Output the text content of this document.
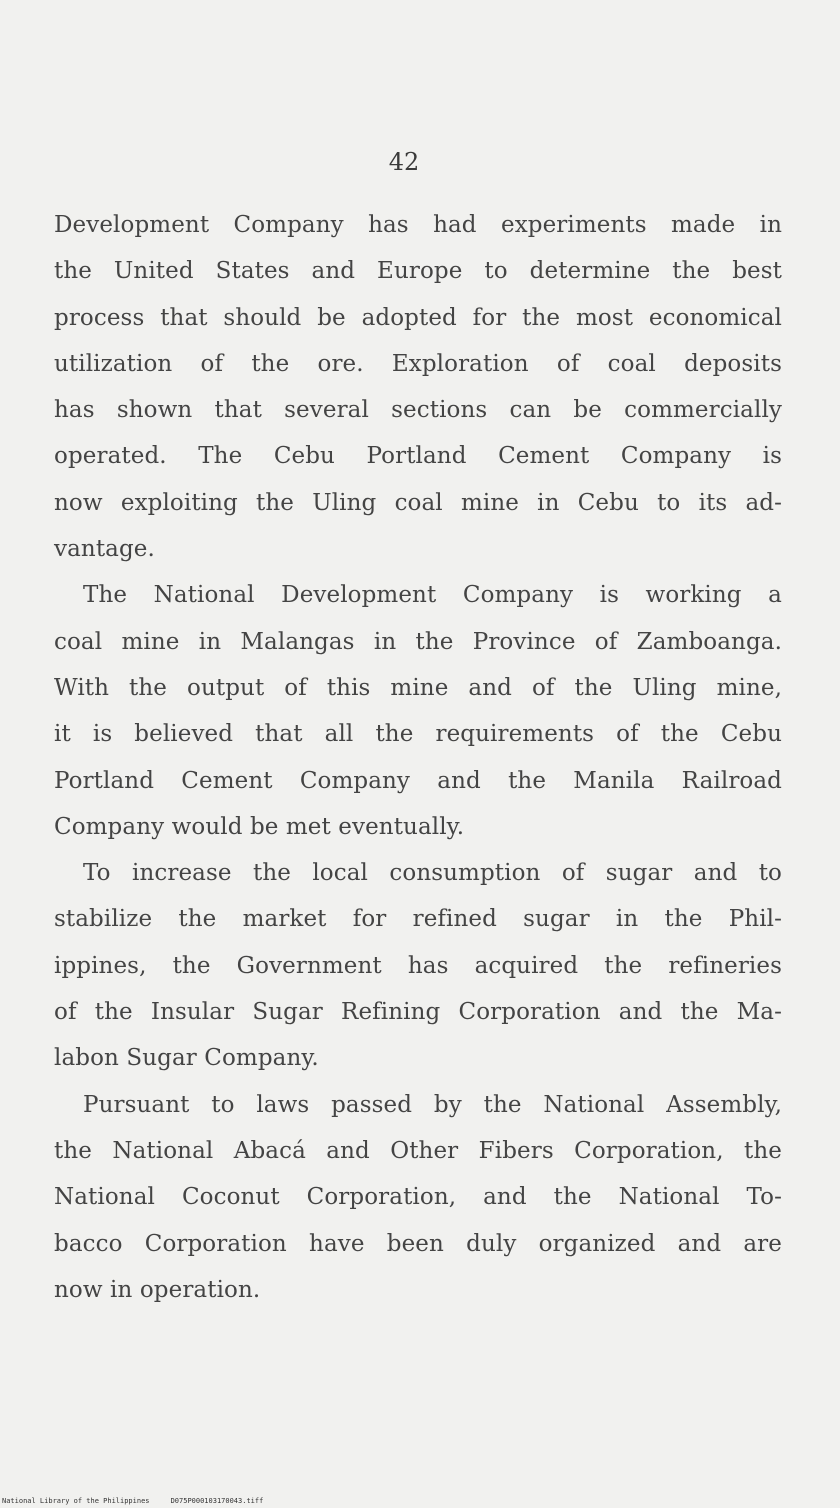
42

Development Company has had experiments made in
the United States and Europe to determine the best
process that should be adopted for the most economical
utilization of the ore. Exploration of coal deposits
has shown that several sections can be commercially
operated. The Cebu Portland Cement Company is
now exploiting the Uling coal mine in Cebu to its ad-
vantage.
The National Development Company is working a
coal mine in Malangas in the Province of Zamboanga.
With the output of this mine and of the Uling mine,
it is believed that all the requirements of the Cebu
Portland Cement Company and the Manila Railroad
Company would be met eventually.
To increase the local consumption of sugar and to
stabilize the market for refined sugar in the Phil-
ippines, the Government has acquired the refineries
of the Insular Sugar Refining Corporation and the Ma-
labon Sugar Company.
Pursuant to laws passed by the National Assembly,
the National Abacá and Other Fibers Corporation, the
National Coconut Corporation, and the National To-
bacco Corporation have been duly organized and are
now in operation.
National Library of the Philippines	D075P000103170043.tiff
